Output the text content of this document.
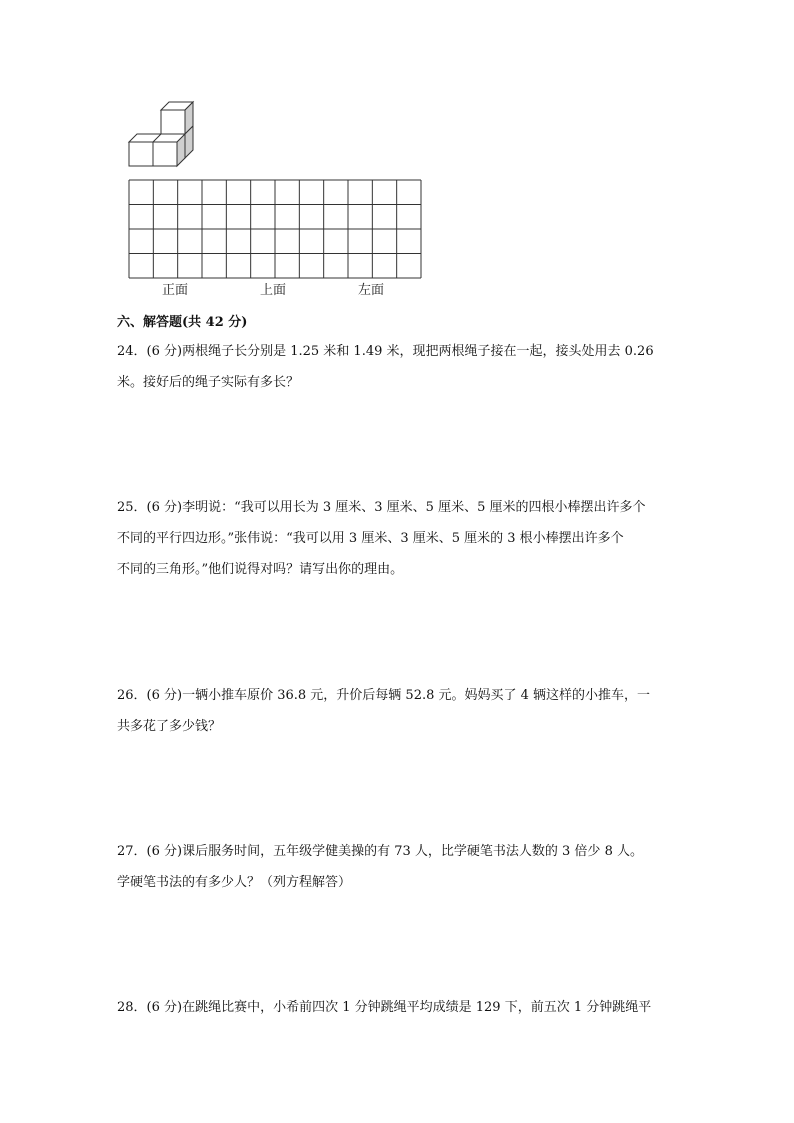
正面	上面	左面
六、解答题(共 42 分)

24．(6 分)两根绳子长分别是 1.25 米和 1.49 米，现把两根绳子接在一起，接头处用去 0.26

米。接好后的绳子实际有多长？

25．(6 分)李明说：“我可以用长为 3 厘米、3 厘米、5 厘米、5 厘米的四根小棒摆出许多个

不同的平行四边形。”张伟说：“我可以用 3 厘米、3 厘米、5 厘米的 3 根小棒摆出许多个

不同的三角形。”他们说得对吗？请写出你的理由。

26．(6 分)一辆小推车原价 36.8 元，升价后每辆 52.8 元。妈妈买了 4 辆这样的小推车，一

共多花了多少钱？

27．(6 分)课后服务时间，五年级学健美操的有 73 人，比学硬笔书法人数的 3 倍少 8 人。

学硬笔书法的有多少人？（列方程解答）

28．(6 分)在跳绳比赛中，小希前四次 1 分钟跳绳平均成绩是 129 下，前五次 1 分钟跳绳平
